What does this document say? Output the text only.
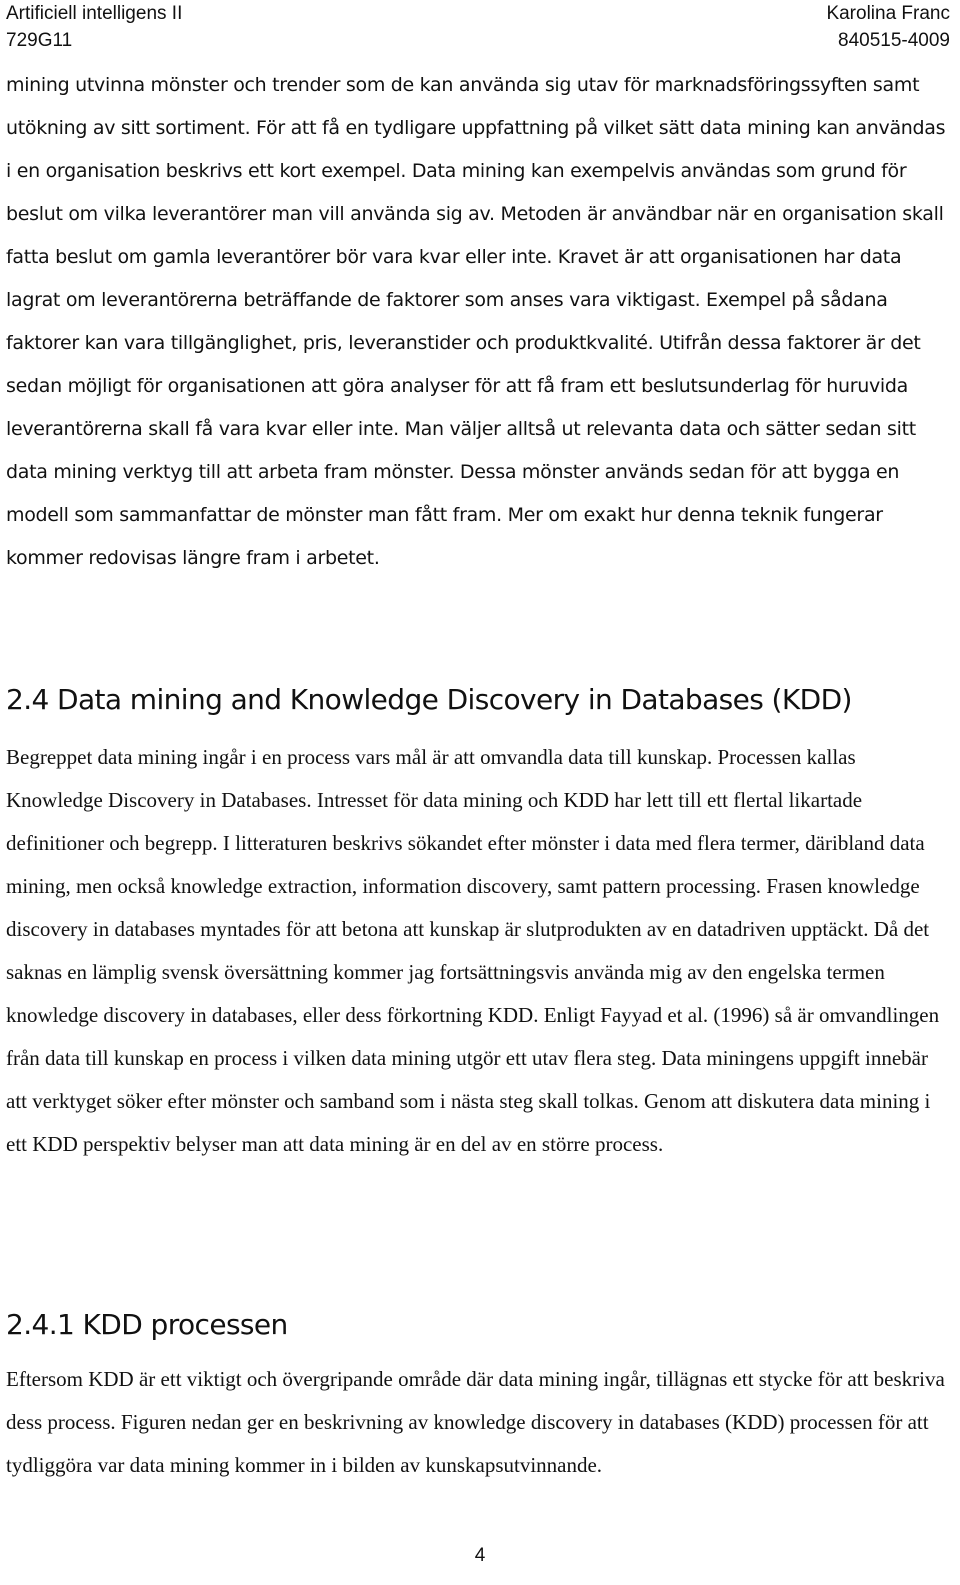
Artificiell intelligens II
729G11
Karolina Franc
840515-4009

mining utvinna mönster och trender som de kan använda sig utav för marknadsföringssyften samt utökning av sitt sortiment. För att få en tydligare uppfattning på vilket sätt data mining kan användas i en organisation beskrivs ett kort exempel. Data mining kan exempelvis användas som grund för beslut om vilka leverantörer man vill använda sig av. Metoden är användbar när en organisation skall fatta beslut om gamla leverantörer bör vara kvar eller inte. Kravet är att organisationen har data lagrat om leverantörerna beträffande de faktorer som anses vara viktigast. Exempel på sådana faktorer kan vara tillgänglighet, pris, leveranstider och produktkvalité. Utifrån dessa faktorer är det sedan möjligt för organisationen att göra analyser för att få fram ett beslutsunderlag för huruvida leverantörerna skall få vara kvar eller inte. Man väljer alltså ut relevanta data och sätter sedan sitt data mining verktyg till att arbeta fram mönster. Dessa mönster används sedan för att bygga en modell som sammanfattar de mönster man fått fram. Mer om exakt hur denna teknik fungerar kommer redovisas längre fram i arbetet.

2.4 Data mining and Knowledge Discovery in Databases (KDD)

Begreppet data mining ingår i en process vars mål är att omvandla data till kunskap. Processen kallas Knowledge Discovery in Databases. Intresset för data mining och KDD har lett till ett flertal likartade definitioner och begrepp. I litteraturen beskrivs sökandet efter mönster i data med flera termer, däribland data mining, men också knowledge extraction, information discovery, samt pattern processing. Frasen knowledge discovery in databases myntades för att betona att kunskap är slutprodukten av en datadriven upptäckt. Då det saknas en lämplig svensk översättning kommer jag fortsättningsvis använda mig av den engelska termen knowledge discovery in databases, eller dess förkortning KDD. Enligt Fayyad et al. (1996) så är omvandlingen från data till kunskap en process i vilken data mining utgör ett utav flera steg. Data miningens uppgift innebär att verktyget söker efter mönster och samband som i nästa steg skall tolkas. Genom att diskutera data mining i ett KDD perspektiv belyser man att data mining är en del av en större process.

2.4.1 KDD processen

Eftersom KDD är ett viktigt och övergripande område där data mining ingår, tillägnas ett stycke för att beskriva dess process. Figuren nedan ger en beskrivning av knowledge discovery in databases (KDD) processen för att tydliggöra var data mining kommer in i bilden av kunskapsutvinnande.

4
